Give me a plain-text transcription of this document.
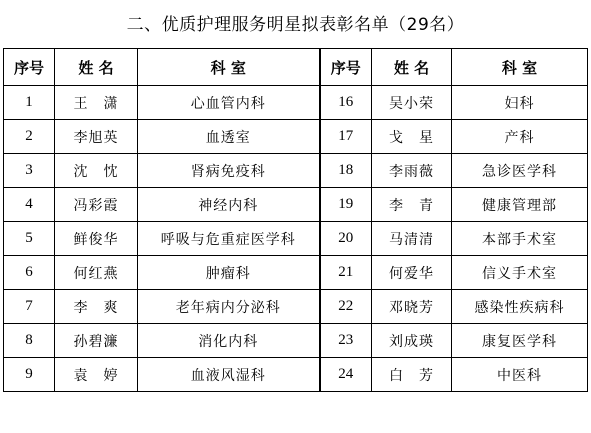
二、优质护理服务明星拟表彰名单（29名）
序号	姓 名	科 室	序号	姓 名	科 室
1	王　潇	心血管内科	16	吴小荣	妇科
2	李旭英	血透室	17	戈　星	产科
3	沈　忱	肾病免疫科	18	李雨薇	急诊医学科
4	冯彩霞	神经内科	19	李　青	健康管理部
5	鲜俊华	呼吸与危重症医学科	20	马清清	本部手术室
6	何红燕	肿瘤科	21	何爱华	信义手术室
7	李　爽	老年病内分泌科	22	邓晓芳	感染性疾病科
8	孙碧濂	消化内科	23	刘成瑛	康复医学科
9	袁　婷	血液风湿科	24	白　芳	中医科
